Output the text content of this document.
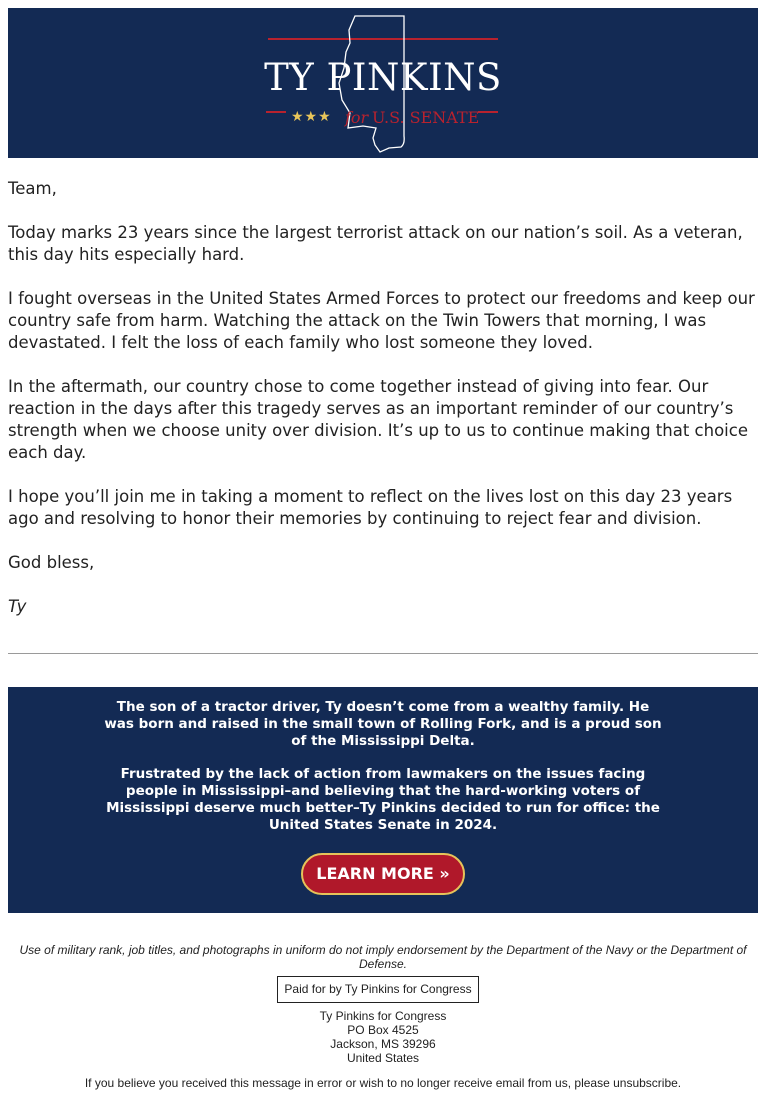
TY PINKINS
★★★ for U.S. SENATE

Team,

Today marks 23 years since the largest terrorist attack on our nation’s soil. As a veteran, this day hits especially hard.

I fought overseas in the United States Armed Forces to protect our freedoms and keep our country safe from harm. Watching the attack on the Twin Towers that morning, I was devastated. I felt the loss of each family who lost someone they loved.

In the aftermath, our country chose to come together instead of giving into fear. Our reaction in the days after this tragedy serves as an important reminder of our country’s strength when we choose unity over division. It’s up to us to continue making that choice each day.

I hope you’ll join me in taking a moment to reflect on the lives lost on this day 23 years ago and resolving to honor their memories by continuing to reject fear and division.

God bless,

Ty

The son of a tractor driver, Ty doesn’t come from a wealthy family. He was born and raised in the small town of Rolling Fork, and is a proud son of the Mississippi Delta.

Frustrated by the lack of action from lawmakers on the issues facing people in Mississippi–and believing that the hard-working voters of Mississippi deserve much better–Ty Pinkins decided to run for office: the United States Senate in 2024.

LEARN MORE »
Use of military rank, job titles, and photographs in uniform do not imply endorsement by the Department of the Navy or the Department of Defense.
Paid for by Ty Pinkins for Congress
Ty Pinkins for Congress
PO Box 4525
Jackson, MS 39296
United States
If you believe you received this message in error or wish to no longer receive email from us, please unsubscribe.
